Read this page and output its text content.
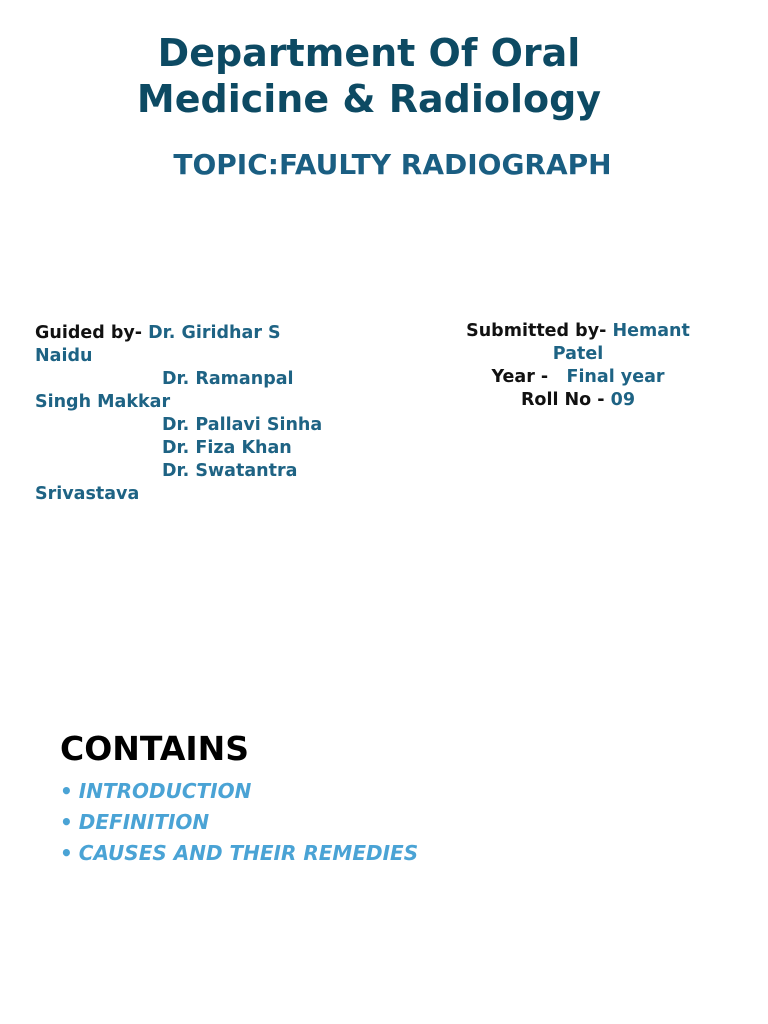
Department Of Oral
Medicine & Radiology
TOPIC:FAULTY RADIOGRAPH
Guided by- Dr. Giridhar S
Naidu
Dr. Ramanpal
Singh Makkar
Dr. Pallavi Sinha
Dr. Fiza Khan
Dr. Swatantra
Srivastava
Submitted by- Hemant
Patel
Year - Final year
Roll No - 09
CONTAINS
• INTRODUCTION
• DEFINITION
• CAUSES AND THEIR REMEDIES
